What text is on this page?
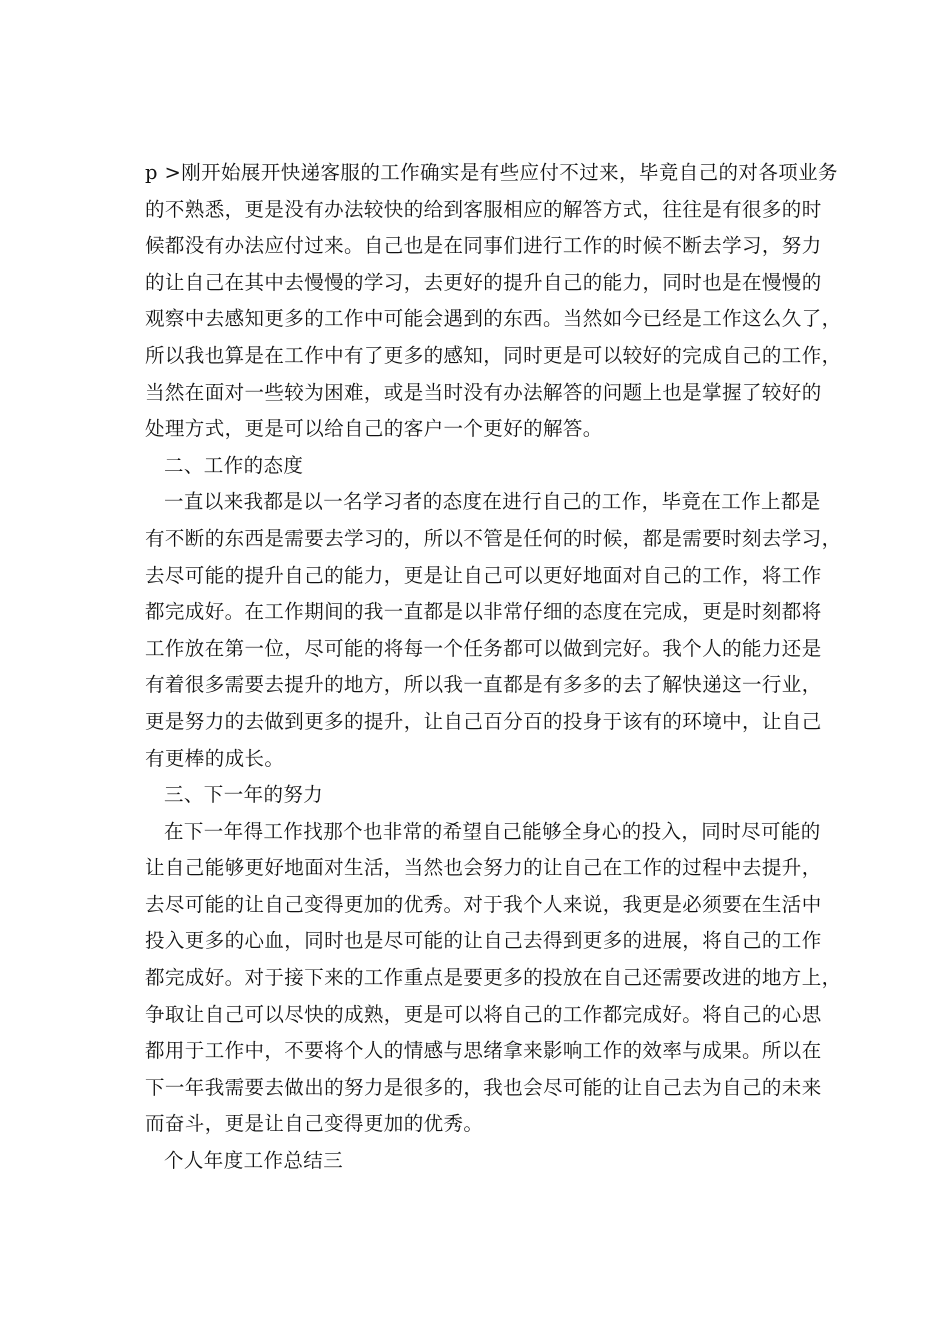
p >刚开始展开快递客服的工作确实是有些应付不过来，毕竟自己的对各项业务
的不熟悉，更是没有办法较快的给到客服相应的解答方式，往往是有很多的时
候都没有办法应付过来。自己也是在同事们进行工作的时候不断去学习，努力
的让自己在其中去慢慢的学习，去更好的提升自己的能力，同时也是在慢慢的
观察中去感知更多的工作中可能会遇到的东西。当然如今已经是工作这么久了，
所以我也算是在工作中有了更多的感知，同时更是可以较好的完成自己的工作，
当然在面对一些较为困难，或是当时没有办法解答的问题上也是掌握了较好的
处理方式，更是可以给自己的客户一个更好的解答。
二、工作的态度
一直以来我都是以一名学习者的态度在进行自己的工作，毕竟在工作上都是
有不断的东西是需要去学习的，所以不管是任何的时候，都是需要时刻去学习，
去尽可能的提升自己的能力，更是让自己可以更好地面对自己的工作，将工作
都完成好。在工作期间的我一直都是以非常仔细的态度在完成，更是时刻都将
工作放在第一位，尽可能的将每一个任务都可以做到完好。我个人的能力还是
有着很多需要去提升的地方，所以我一直都是有多多的去了解快递这一行业，
更是努力的去做到更多的提升，让自己百分百的投身于该有的环境中，让自己
有更棒的成长。
三、下一年的努力
在下一年得工作找那个也非常的希望自己能够全身心的投入，同时尽可能的
让自己能够更好地面对生活，当然也会努力的让自己在工作的过程中去提升，
去尽可能的让自己变得更加的优秀。对于我个人来说，我更是必须要在生活中
投入更多的心血，同时也是尽可能的让自己去得到更多的进展，将自己的工作
都完成好。对于接下来的工作重点是要更多的投放在自己还需要改进的地方上，
争取让自己可以尽快的成熟，更是可以将自己的工作都完成好。将自己的心思
都用于工作中，不要将个人的情感与思绪拿来影响工作的效率与成果。所以在
下一年我需要去做出的努力是很多的，我也会尽可能的让自己去为自己的未来
而奋斗，更是让自己变得更加的优秀。
个人年度工作总结三
